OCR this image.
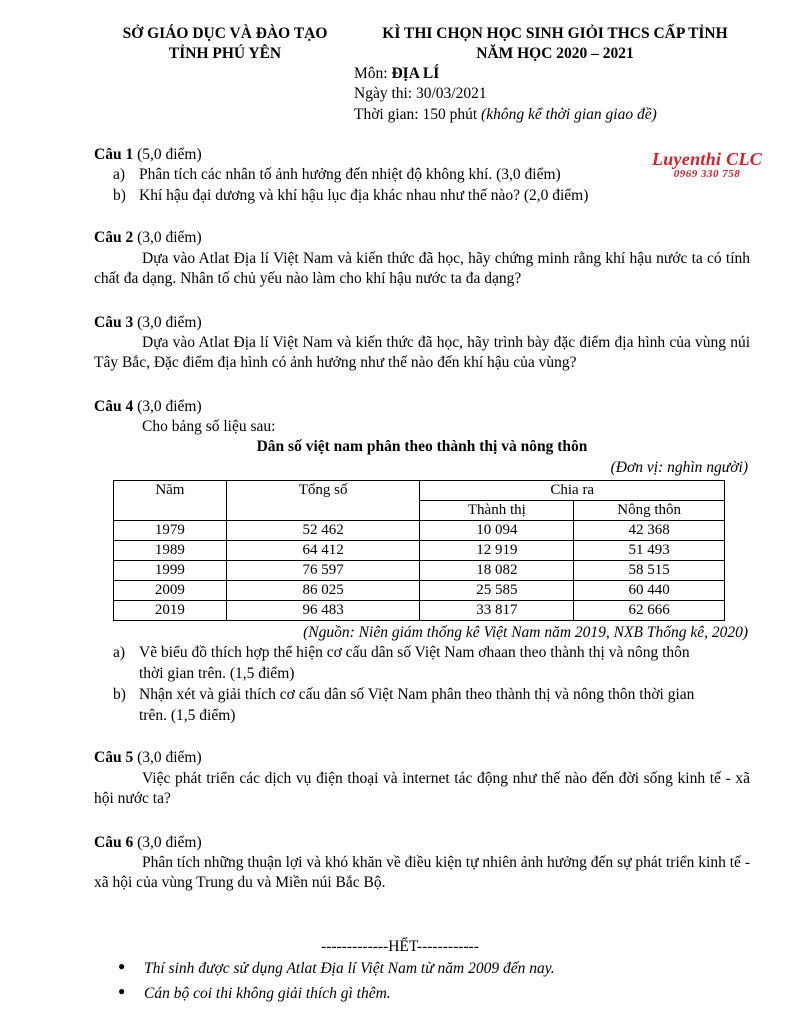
SỞ GIÁO DỤC VÀ ĐÀO TẠO
TỈNH PHÚ YÊN
KÌ THI CHỌN HỌC SINH GIỎI THCS CẤP TỈNH
NĂM HỌC 2020 – 2021
Môn: ĐỊA LÍ
Ngày thi: 30/03/2021
Thời gian: 150 phút (không kể thời gian giao đề)
Luyenthi CLC
0969 330 758
Câu 1 (5,0 điểm)
a) Phân tích các nhân tố ảnh hưởng đến nhiệt độ không khí. (3,0 điểm)
b) Khí hậu đại dương và khí hậu lục địa khác nhau như thế nào? (2,0 điểm)
Câu 2 (3,0 điểm)
Dựa vào Atlat Địa lí Việt Nam và kiến thức đã học, hãy chứng minh rằng khí hậu nước ta có tính chất đa dạng. Nhân tố chủ yếu nào làm cho khí hậu nước ta đa dạng?
Câu 3 (3,0 điểm)
Dựa vào Atlat Địa lí Việt Nam và kiến thức đã học, hãy trình bày đặc điểm địa hình của vùng núi Tây Bắc, Đặc điểm địa hình có ảnh hưởng như thế nào đến khí hậu của vùng?
Câu 4 (3,0 điểm)
Cho bảng số liệu sau:
Dân số việt nam phân theo thành thị và nông thôn
(Đơn vị: nghìn người)
Năm	Tổng số	Chia ra	
		Thành thị	Nông thôn
1979	52 462	10 094	42 368
1989	64 412	12 919	51 493
1999	76 597	18 082	58 515
2009	86 025	25 585	60 440
2019	96 483	33 817	62 666
(Nguồn: Niên giám thống kê Việt Nam năm 2019, NXB Thống kê, 2020)
a) Vẽ biểu đồ thích hợp thể hiện cơ cấu dân số Việt Nam ơhaan theo thành thị và nông thôn
thời gian trên. (1,5 điểm)
b) Nhận xét và giải thích cơ cấu dân số Việt Nam phân theo thành thị và nông thôn thời gian
trên. (1,5 điểm)
Câu 5 (3,0 điểm)
Việc phát triển các dịch vụ điện thoại và internet tác động như thế nào đến đời sống kinh tế - xã hội nước ta?
Câu 6 (3,0 điểm)
Phân tích những thuận lợi và khó khăn về điều kiện tự nhiên ảnh hưởng đến sự phát triển kinh tế - xã hội của vùng Trung du và Miền núi Bắc Bộ.
-------------HẾT------------
● Thí sinh được sử dụng Atlat Địa lí Việt Nam từ năm 2009 đến nay.
● Cán bộ coi thi không giải thích gì thêm.
